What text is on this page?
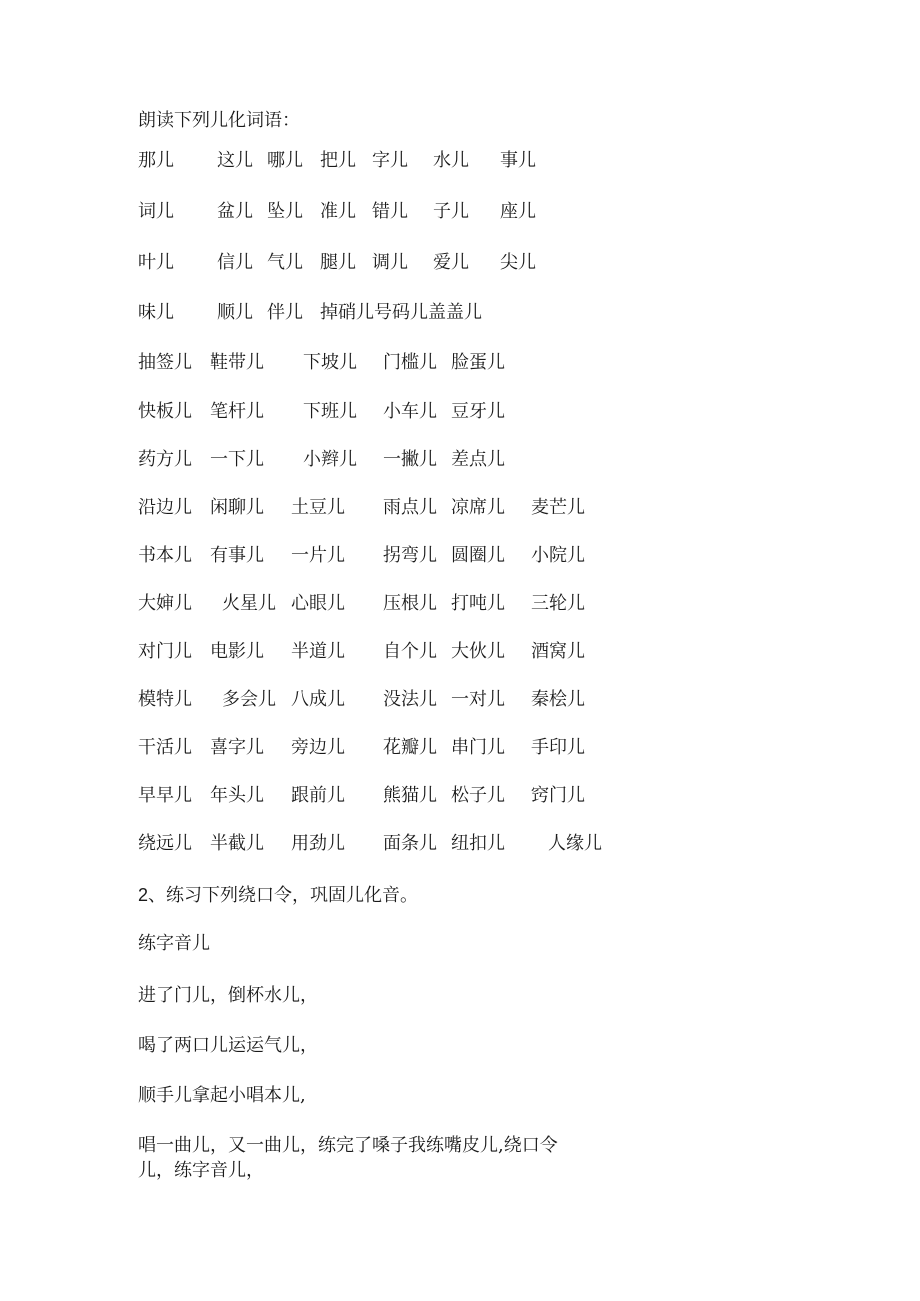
朗读下列儿化词语：
那儿 这儿 哪儿 把儿 字儿 水儿 事儿
词儿 盆儿 坠儿 准儿 错儿 子儿 座儿
叶儿 信儿 气儿 腿儿 调儿 爱儿 尖儿
味儿 顺儿 伴儿 掉硝儿号码儿盖盖儿
抽签儿 鞋带儿 下坡儿 门槛儿 脸蛋儿
快板儿 笔杆儿 下班儿 小车儿 豆牙儿
药方儿 一下儿 小辫儿 一撇儿 差点儿
沿边儿 闲聊儿 土豆儿 雨点儿 凉席儿 麦芒儿
书本儿 有事儿 一片儿 拐弯儿 圆圈儿 小院儿
大婶儿 火星儿 心眼儿 压根儿 打吨儿 三轮儿
对门儿 电影儿 半道儿 自个儿 大伙儿 酒窝儿
模特儿 多会儿 八成儿 没法儿 一对儿 秦桧儿
干活儿 喜字儿 旁边儿 花瓣儿 串门儿 手印儿
早早儿 年头儿 跟前儿 熊猫儿 松子儿 窍门儿
绕远儿 半截儿 用劲儿 面条儿 纽扣儿 人缘儿
2、练习下列绕口令，巩固儿化音。
练字音儿
进了门儿，倒杯水儿，
喝了两口儿运运气儿，
顺手儿拿起小唱本儿,
唱一曲儿，又一曲儿，练完了嗓子我练嘴皮儿,绕口令
儿，练字音儿，
